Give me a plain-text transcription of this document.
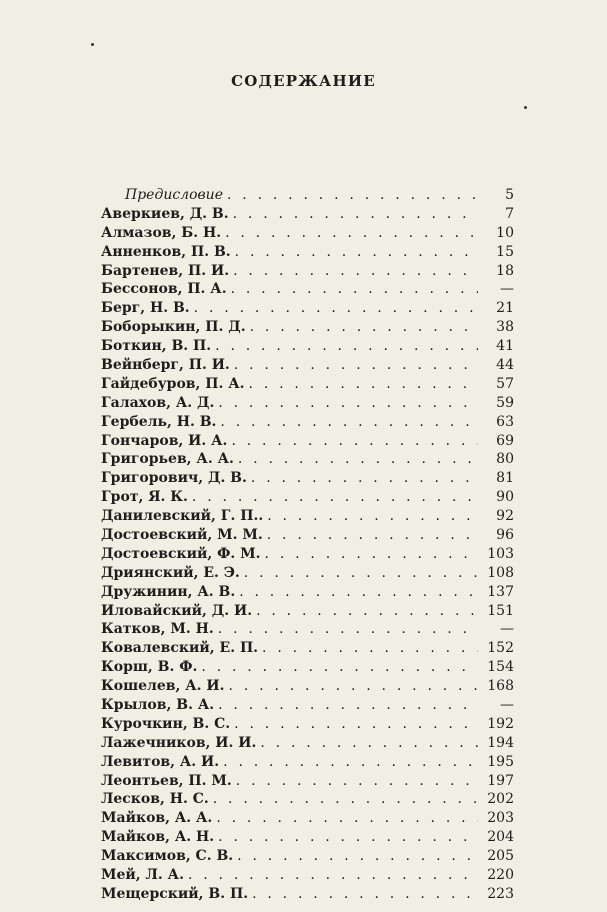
СОДЕРЖАНИЕ
Предисловие . . .	5
Аверкиев, Д. В. . . .	7
Алмазов, Б. Н. . . .	10
Анненков, П. В. . . .	15
Бартенев, П. И. . . .	18
Бессонов, П. А. . . .	—
Берг, Н. В. . . .	21
Боборыкин, П. Д. . . .	38
Боткин, В. П. . . .	41
Вейнберг, П. И. . . .	44
Гайдебуров, П. А. . . .	57
Галахов, А. Д. . . .	59
Гербель, Н. В. . . .	63
Гончаров, И. А. . . .	69
Григорьев, А. А. . . .	80
Григорович, Д. В. . . .	81
Грот, Я. К. . . .	90
Данилевский, Г. П.. . . .	92
Достоевский, М. М. . . .	96
Достоевский, Ф. М. . . .	103
Дриянский, Е. Э. . . .	108
Дружинин, А. В. . . .	137
Иловайский, Д. И. . . .	151
Катков, М. Н. . . .	—
Ковалевский, Е. П. . . .	152
Корш, В. Ф. . . .	154
Кошелев, А. И. . . .	168
Крылов, В. А. . . .	—
Курочкин, В. С. . . .	192
Лажечников, И. И. . . .	194
Левитов, А. И. . . .	195
Леонтьев, П. М. . . .	197
Лесков, Н. С. . . .	202
Майков, А. А. . . .	203
Майков, А. Н. . . .	204
Максимов, С. В. . . .	205
Мей, Л. А. . . .	220
Мещерский, В. П. . . .	223
